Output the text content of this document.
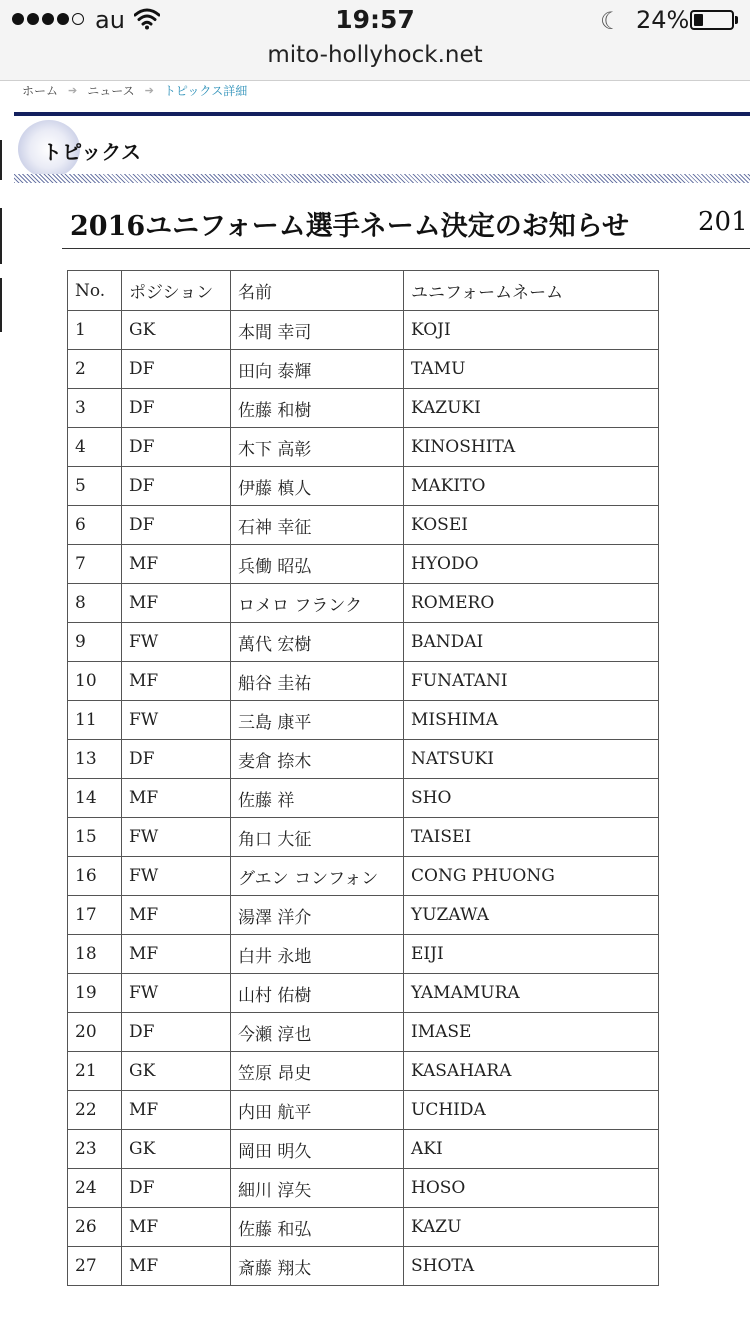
au	19:57	☾ 24%
mito-hollyhock.net
ホーム ➔ ニュース ➔ トピックス詳細
トピックス
2016ユニフォーム選手ネーム決定のお知らせ	201
No.	ポジション	名前	ユニフォームネーム
1	GK	本間 幸司	KOJI
2	DF	田向 泰輝	TAMU
3	DF	佐藤 和樹	KAZUKI
4	DF	木下 高彰	KINOSHITA
5	DF	伊藤 槙人	MAKITO
6	DF	石神 幸征	KOSEI
7	MF	兵働 昭弘	HYODO
8	MF	ロメロ フランク	ROMERO
9	FW	萬代 宏樹	BANDAI
10	MF	船谷 圭祐	FUNATANI
11	FW	三島 康平	MISHIMA
13	DF	麦倉 捺木	NATSUKI
14	MF	佐藤 祥	SHO
15	FW	角口 大征	TAISEI
16	FW	グエン コンフォン	CONG PHUONG
17	MF	湯澤 洋介	YUZAWA
18	MF	白井 永地	EIJI
19	FW	山村 佑樹	YAMAMURA
20	DF	今瀬 淳也	IMASE
21	GK	笠原 昂史	KASAHARA
22	MF	内田 航平	UCHIDA
23	GK	岡田 明久	AKI
24	DF	細川 淳矢	HOSO
26	MF	佐藤 和弘	KAZU
27	MF	斎藤 翔太	SHOTA
